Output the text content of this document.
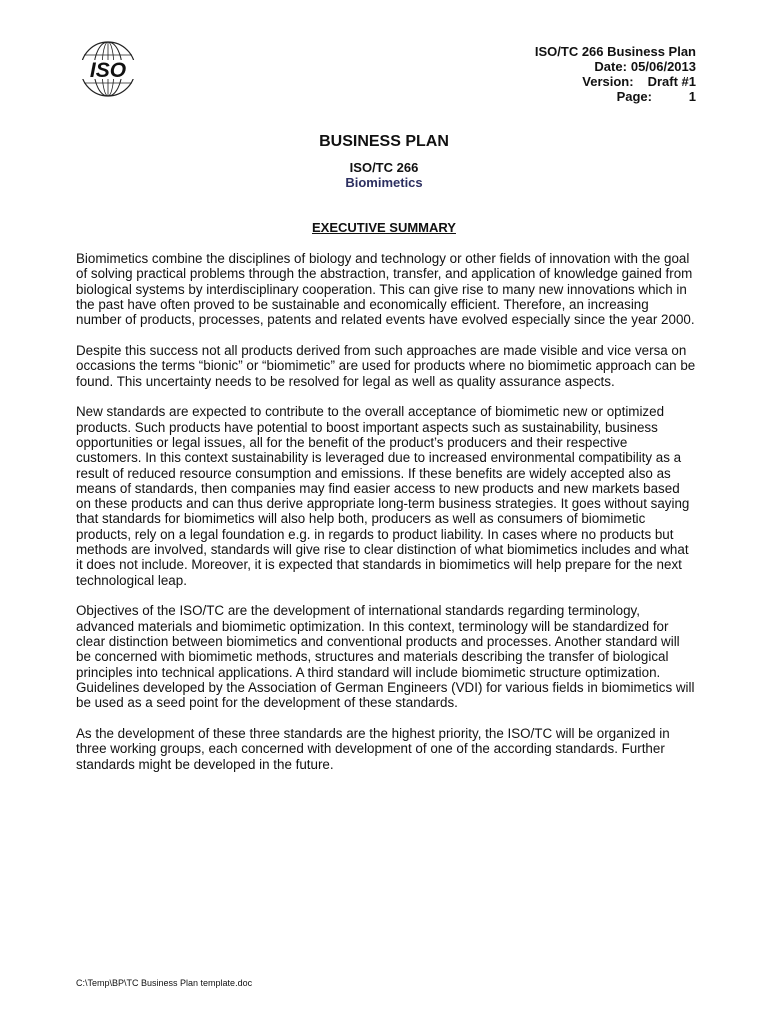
ISO
ISO/TC 266 Business Plan
Date: 05/06/2013
Version: Draft #1
Page:	1
BUSINESS PLAN
ISO/TC 266
Biomimetics
EXECUTIVE SUMMARY

Biomimetics combine the disciplines of biology and technology or other fields of innovation with the goal of solving practical problems through the abstraction, transfer, and application of knowledge gained from biological systems by interdisciplinary cooperation. This can give rise to many new innovations which in the past have often proved to be sustainable and economically efficient. Therefore, an increasing number of products, processes, patents and related events have evolved especially since the year 2000.

Despite this success not all products derived from such approaches are made visible and vice versa on occasions the terms “bionic” or “biomimetic” are used for products where no biomimetic approach can be found. This uncertainty needs to be resolved for legal as well as quality assurance aspects.

New standards are expected to contribute to the overall acceptance of biomimetic new or optimized products. Such products have potential to boost important aspects such as sustainability, business opportunities or legal issues, all for the benefit of the product’s producers and their respective customers. In this context sustainability is leveraged due to increased environmental compatibility as a result of reduced resource consumption and emissions. If these benefits are widely accepted also as means of standards, then companies may find easier access to new products and new markets based on these products and can thus derive appropriate long-term business strategies. It goes without saying that standards for biomimetics will also help both, producers as well as consumers of biomimetic products, rely on a legal foundation e.g. in regards to product liability. In cases where no products but methods are involved, standards will give rise to clear distinction of what biomimetics includes and what it does not include. Moreover, it is expected that standards in biomimetics will help prepare for the next technological leap.

Objectives of the ISO/TC are the development of international standards regarding terminology, advanced materials and biomimetic optimization. In this context, terminology will be standardized for clear distinction between biomimetics and conventional products and processes. Another standard will be concerned with biomimetic methods, structures and materials describing the transfer of biological principles into technical applications. A third standard will include biomimetic structure optimization. Guidelines developed by the Association of German Engineers (VDI) for various fields in biomimetics will be used as a seed point for the development of these standards.

As the development of these three standards are the highest priority, the ISO/TC will be organized in three working groups, each concerned with development of one of the according standards. Further standards might be developed in the future.

C:\Temp\BP\TC Business Plan template.doc
